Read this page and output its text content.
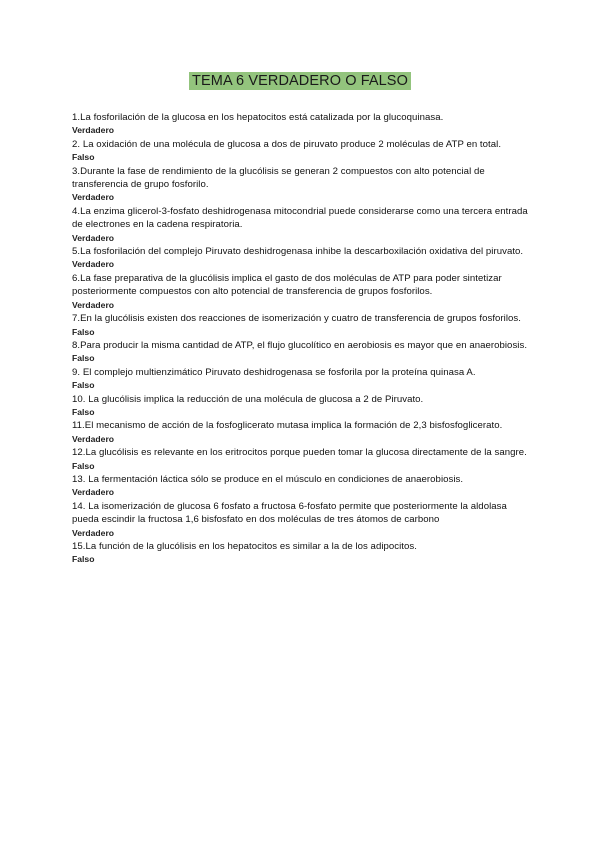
TEMA 6 VERDADERO O FALSO
1.La fosforilación de la glucosa en los hepatocitos está catalizada por la glucoquinasa.
Verdadero
2. La oxidación de una molécula de glucosa a dos de piruvato produce 2 moléculas de ATP en total.
Falso
3.Durante la fase de rendimiento de la glucólisis se generan 2 compuestos con alto potencial de transferencia de grupo fosforilo.
Verdadero
4.La enzima glicerol-3-fosfato deshidrogenasa mitocondrial puede considerarse como una tercera entrada de electrones en la cadena respiratoria.
Verdadero
5.La fosforilación del complejo Piruvato deshidrogenasa inhibe la descarboxilación oxidativa del piruvato.
Verdadero
6.La fase preparativa de la glucólisis implica el gasto de dos moléculas de ATP para poder sintetizar posteriormente compuestos con alto potencial de transferencia de grupos fosforilos.
Verdadero
7.En la glucólisis existen dos reacciones de isomerización y cuatro de transferencia de grupos fosforilos.
Falso
8.Para producir la misma cantidad de ATP, el flujo glucolítico en aerobiosis es mayor que en anaerobiosis.
Falso
9. El complejo multienzimático Piruvato deshidrogenasa se fosforila por la proteína quinasa A.
Falso
10. La glucólisis implica la reducción de una molécula de glucosa a 2 de Piruvato.
Falso
11.El mecanismo de acción de la fosfoglicerato mutasa implica la formación de 2,3 bisfosfoglicerato.
Verdadero
12.La glucólisis es relevante en los eritrocitos porque pueden tomar la glucosa directamente de la sangre.
Falso
13. La fermentación láctica sólo se produce en el músculo en condiciones de anaerobiosis.
Verdadero
14. La isomerización de glucosa 6 fosfato a fructosa 6-fosfato permite que posteriormente la aldolasa pueda escindir la fructosa 1,6 bisfosfato en dos moléculas de tres átomos de carbono
Verdadero
15.La función de la glucólisis en los hepatocitos es similar a la de los adipocitos.
Falso
